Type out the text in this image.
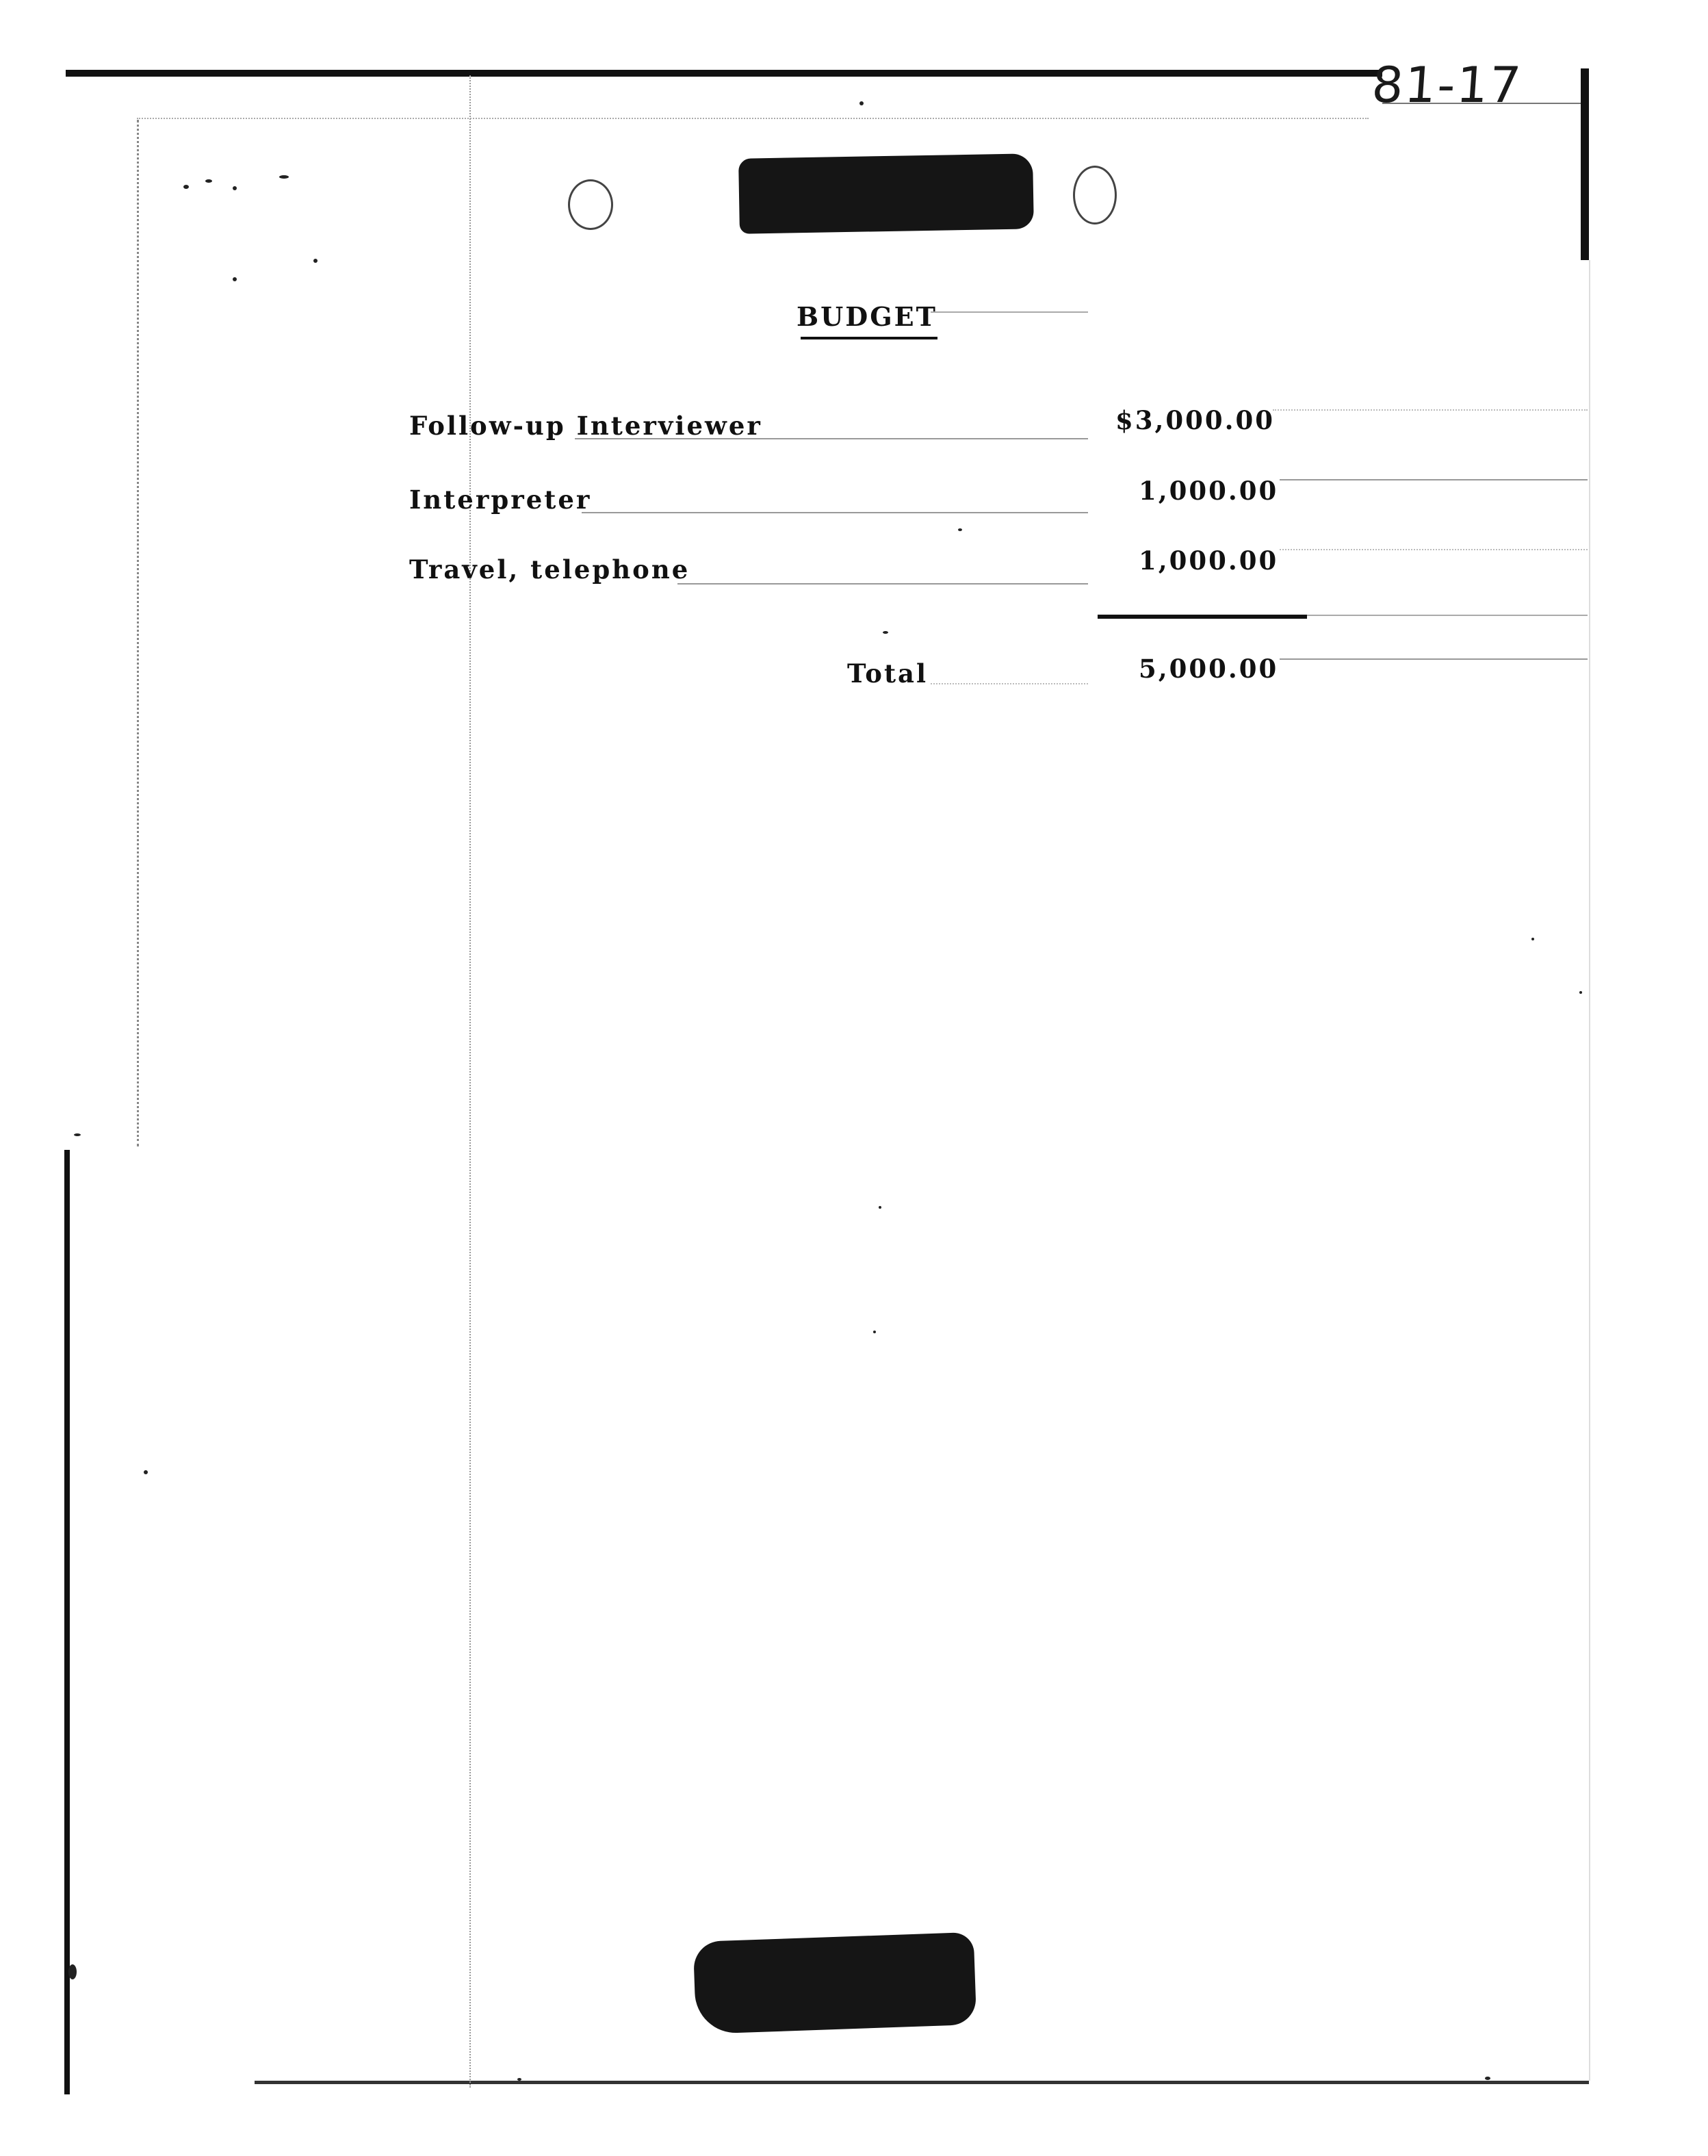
81-17
BUDGET
Follow-up Interviewer	$3,000.00
Interpreter	1,000.00
Travel, telephone	1,000.00
Total	5,000.00
